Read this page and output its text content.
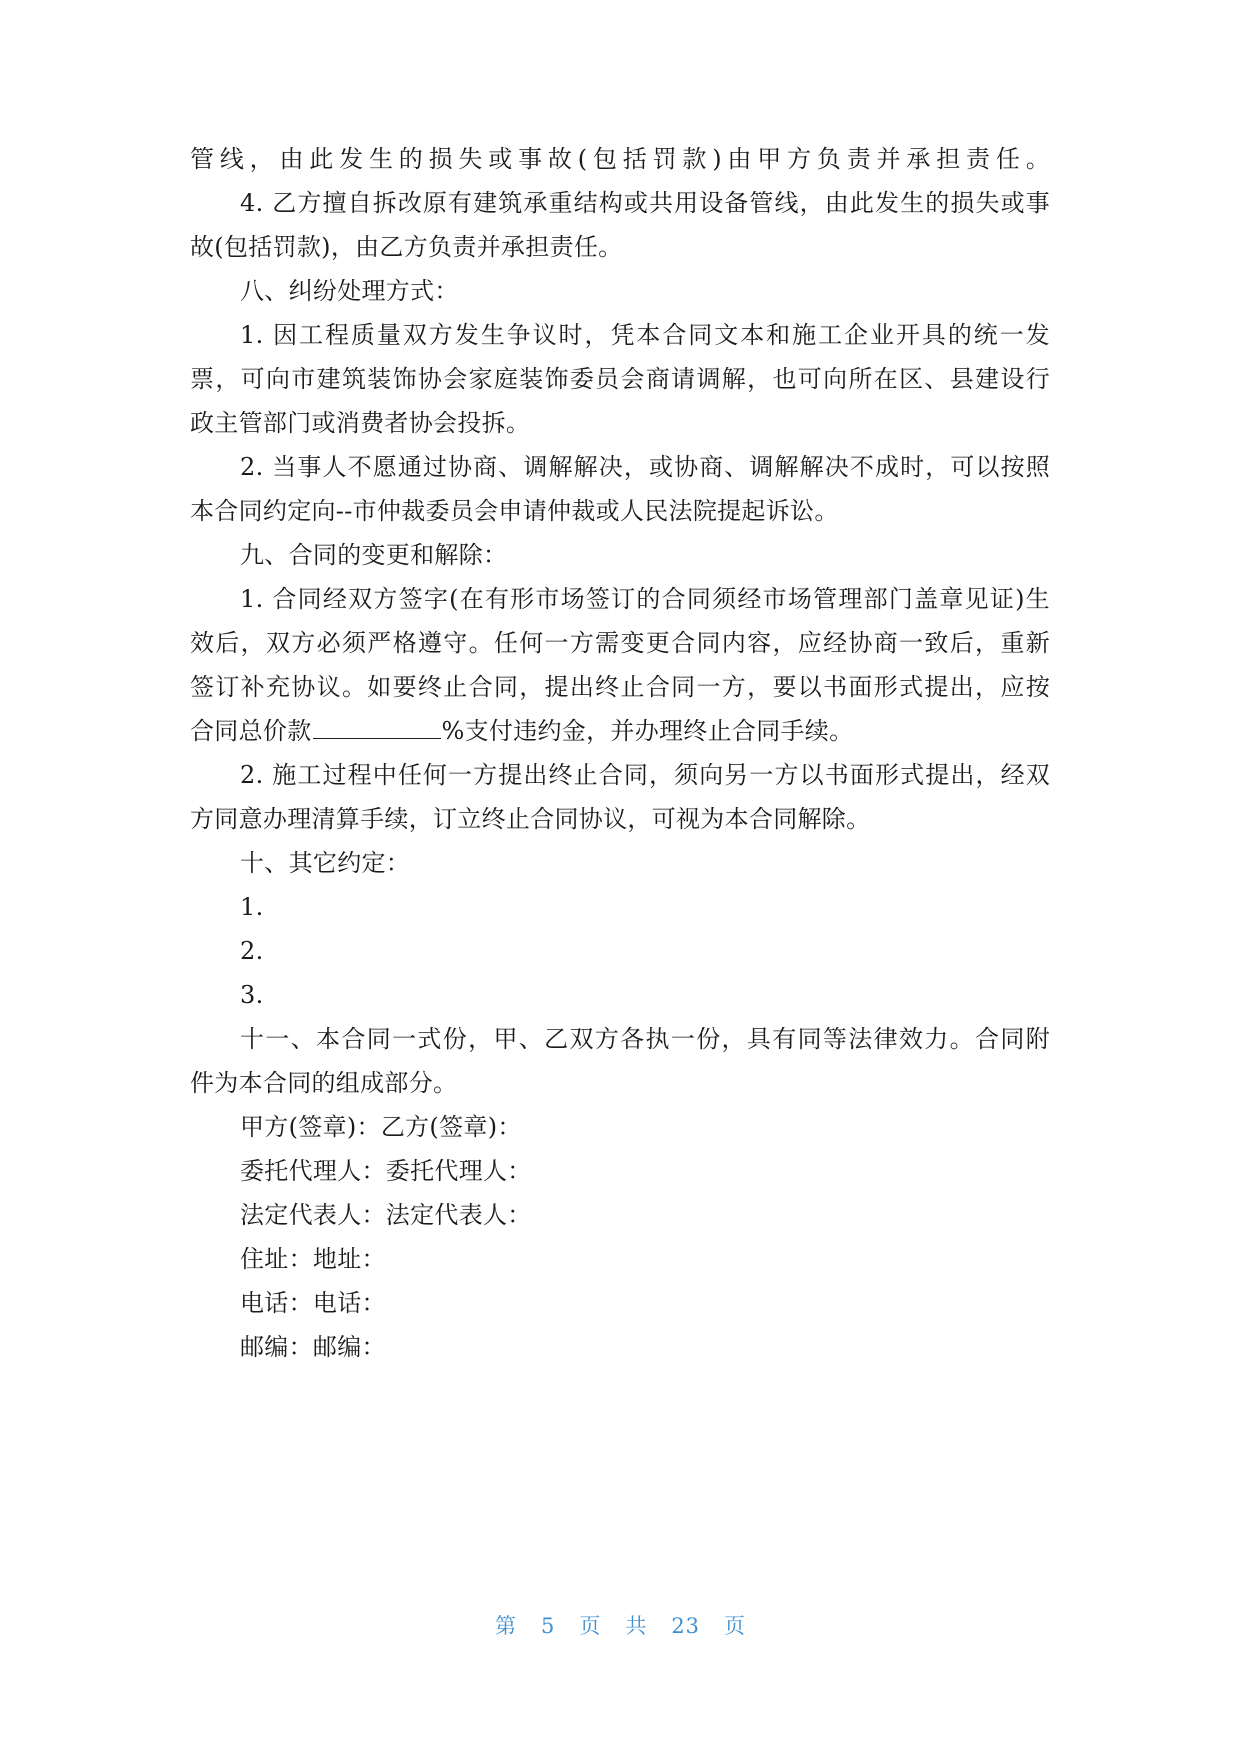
管线，由此发生的损失或事故(包括罚款)由甲方负责并承担责任。
4. 乙方擅自拆改原有建筑承重结构或共用设备管线，由此发生的损失或事
故(包括罚款)，由乙方负责并承担责任。
八、纠纷处理方式：
1. 因工程质量双方发生争议时，凭本合同文本和施工企业开具的统一发
票，可向市建筑装饰协会家庭装饰委员会商请调解，也可向所在区、县建设行
政主管部门或消费者协会投拆。
2. 当事人不愿通过协商、调解解决，或协商、调解解决不成时，可以按照
本合同约定向--市仲裁委员会申请仲裁或人民法院提起诉讼。
九、合同的变更和解除：
1. 合同经双方签字(在有形市场签订的合同须经市场管理部门盖章见证)生
效后，双方必须严格遵守。任何一方需变更合同内容，应经协商一致后，重新
签订补充协议。如要终止合同，提出终止合同一方，要以书面形式提出，应按
合同总价款	%支付违约金，并办理终止合同手续。
2. 施工过程中任何一方提出终止合同，须向另一方以书面形式提出，经双
方同意办理清算手续，订立终止合同协议，可视为本合同解除。
十、其它约定：
1.
2.
3.
十一、本合同一式份，甲、乙双方各执一份，具有同等法律效力。合同附
件为本合同的组成部分。
甲方(签章)：乙方(签章)：
委托代理人：委托代理人：
法定代表人：法定代表人：
住址：地址：
电话：电话：
邮编：邮编：
第 5 页 共 23 页
